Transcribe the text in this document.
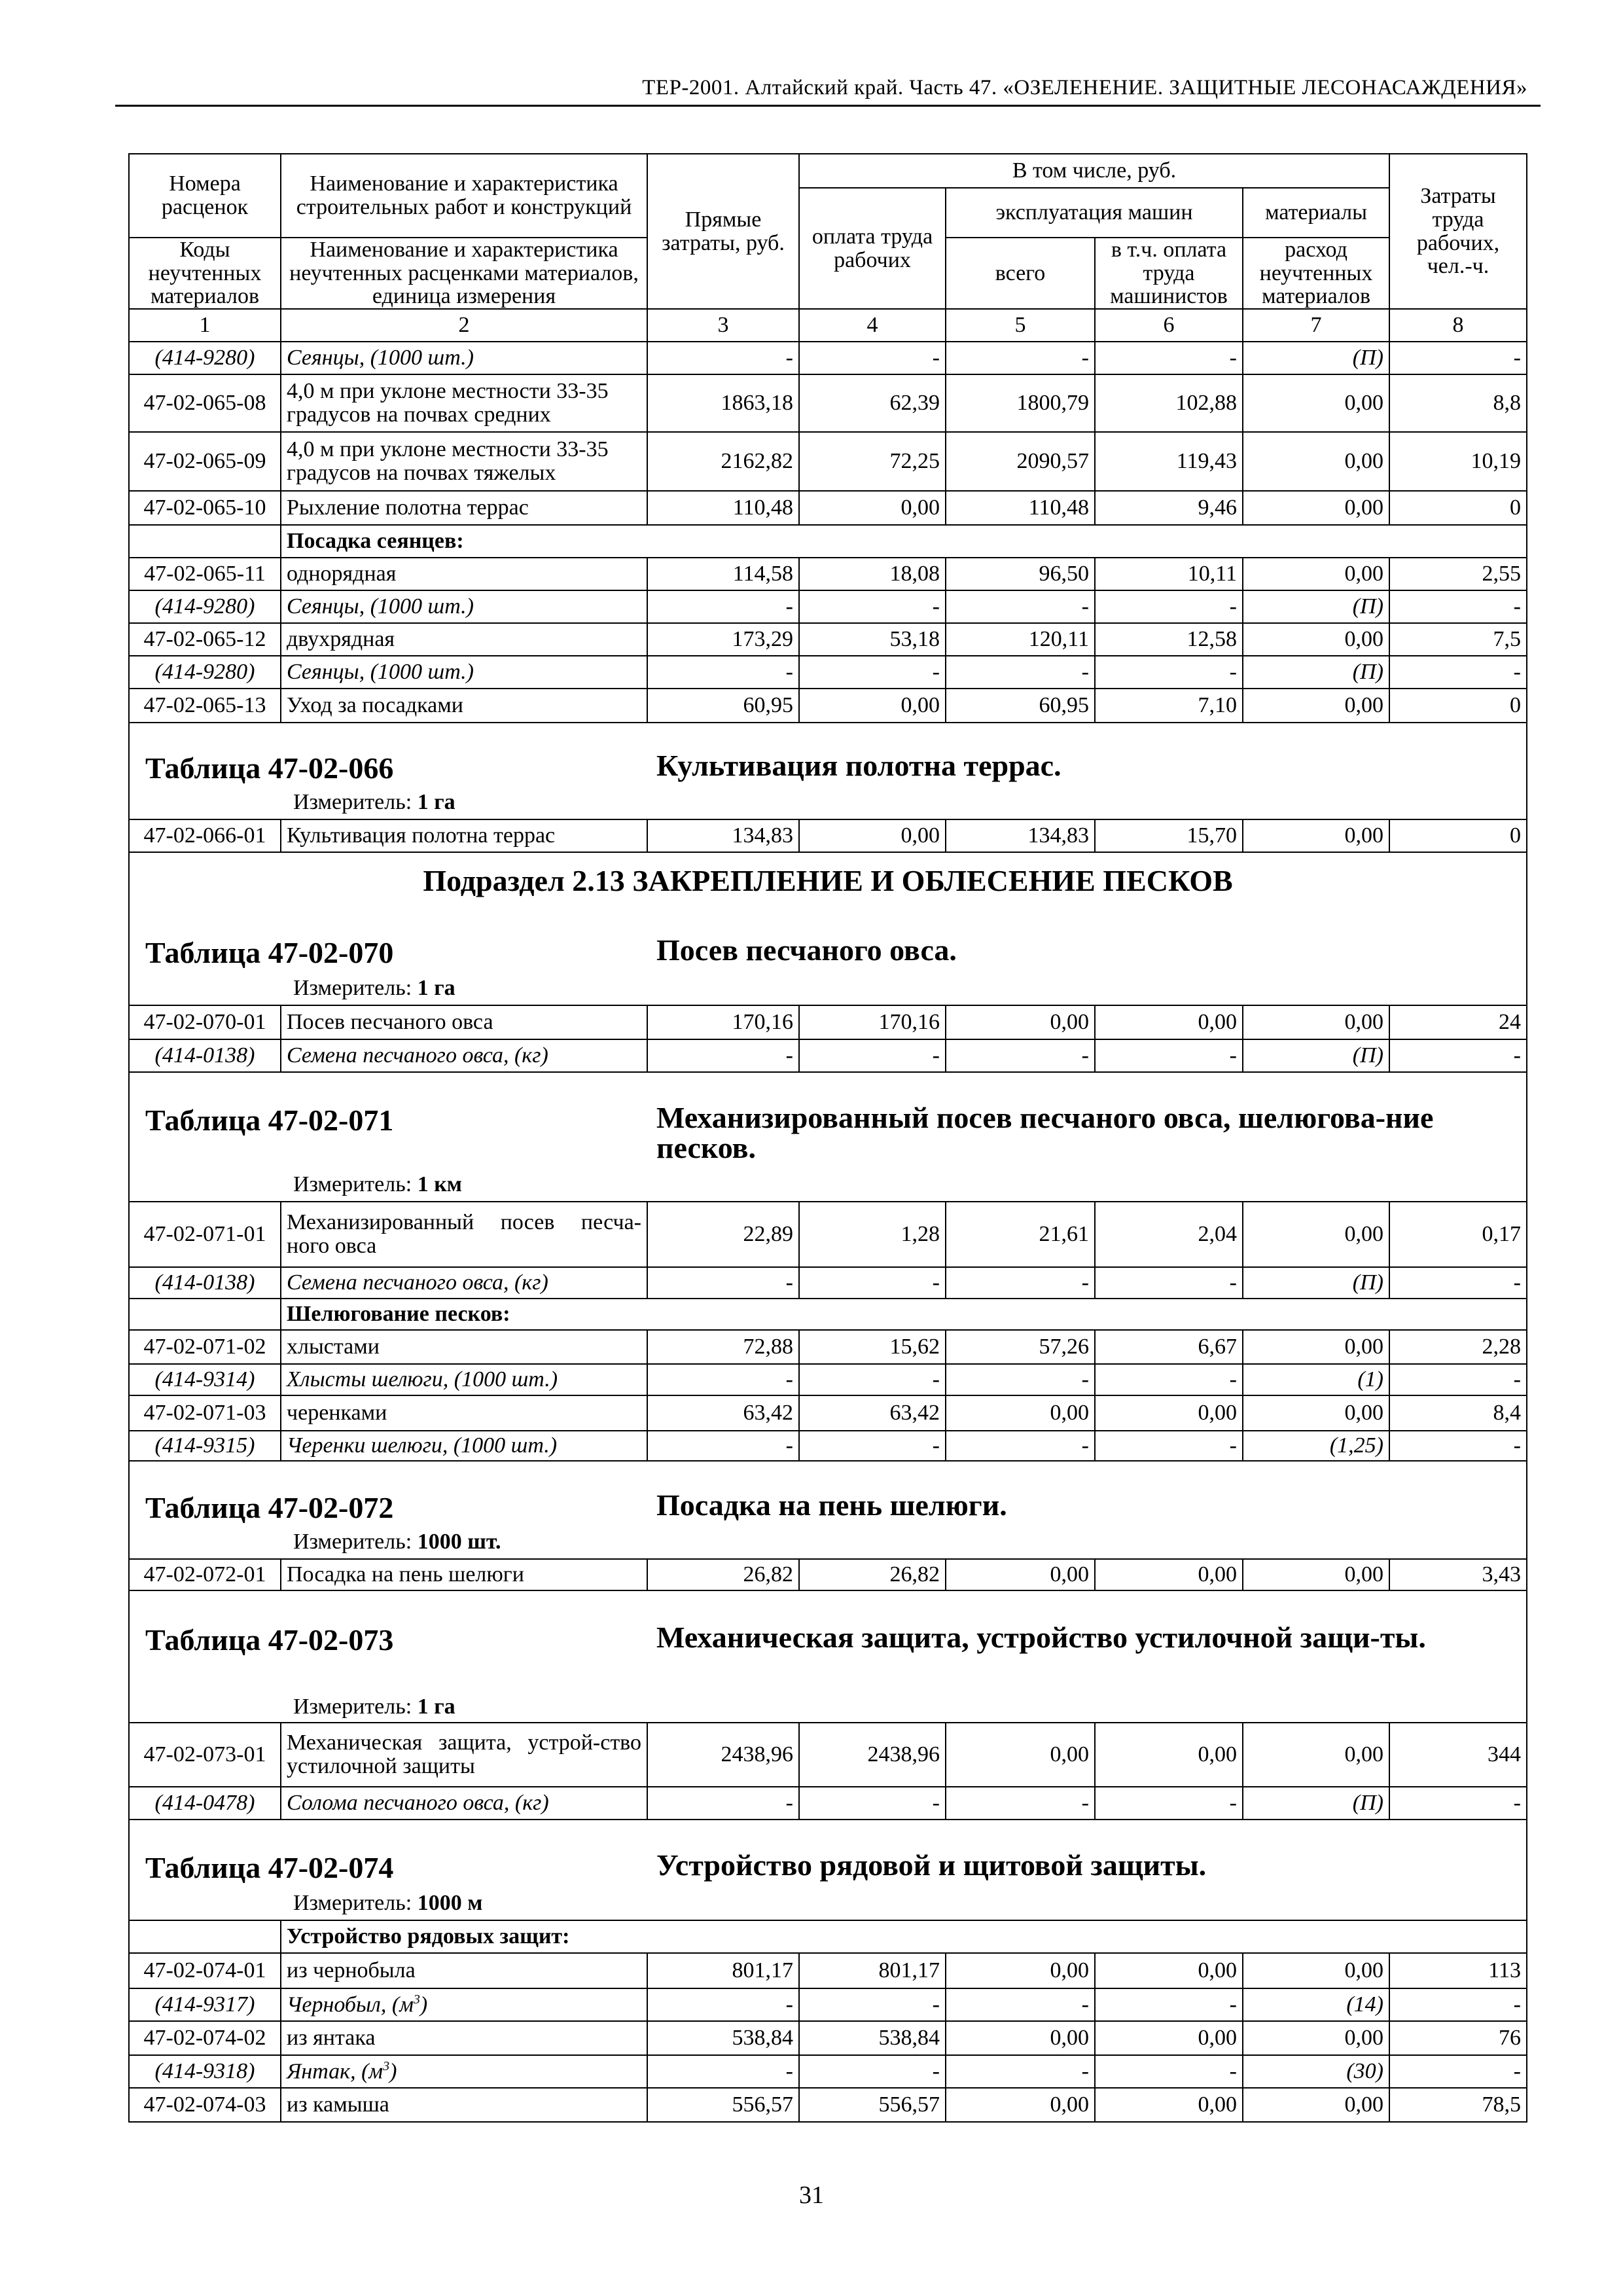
ТЕР-2001. Алтайский край. Часть 47. «ОЗЕЛЕНЕНИЕ. ЗАЩИТНЫЕ ЛЕСОНАСАЖДЕНИЯ»
Номера расценок	Наименование и характеристика строительных работ и конструкций	Прямые затраты, руб.	В том числе, руб.				Затраты труда рабочих, чел.-ч.
			оплата труда рабочих	эксплуатация машин		материалы	
Коды неучтенных материалов	Наименование и характеристика неучтенных расценками материалов, единица измерения			всего	в т.ч. оплата труда машинистов	расход неучтенных материалов	
1	2	3	4	5	6	7	8
(414-9280)	Сеянцы, (1000 шт.)	-	-	-	-	(П)	-
47-02-065-08	4,0 м при уклоне местности 33-35 градусов на почвах средних	1863,18	62,39	1800,79	102,88	0,00	8,8
47-02-065-09	4,0 м при уклоне местности 33-35 градусов на почвах тяжелых	2162,82	72,25	2090,57	119,43	0,00	10,19
47-02-065-10	Рыхление полотна террас	110,48	0,00	110,48	9,46	0,00	0
	Посадка сеянцев:						
47-02-065-11	однорядная	114,58	18,08	96,50	10,11	0,00	2,55
(414-9280)	Сеянцы, (1000 шт.)	-	-	-	-	(П)	-
47-02-065-12	двухрядная	173,29	53,18	120,11	12,58	0,00	7,5
(414-9280)	Сеянцы, (1000 шт.)	-	-	-	-	(П)	-
47-02-065-13	Уход за посадками	60,95	0,00	60,95	7,10	0,00	0

Таблица 47-02-066 Культивация полотна террас.
Измеритель: 1 га							

47-02-066-01	Культивация полотна террас	134,83	0,00	134,83	15,70	0,00	0

Подраздел 2.13 ЗАКРЕПЛЕНИЕ И ОБЛЕСЕНИЕ ПЕСКОВ
Таблица 47-02-070 Посев песчаного овса.
Измеритель: 1 га							

47-02-070-01	Посев песчаного овса	170,16	170,16	0,00	0,00	0,00	24
(414-0138)	Семена песчаного овса, (кг)	-	-	-	-	(П)	-

Таблица 47-02-071 Механизированный посев песчаного овса, шелюгова-ние песков.
Измеритель: 1 км							

47-02-071-01	Механизированный посев песча-ного овса	22,89	1,28	21,61	2,04	0,00	0,17
(414-0138)	Семена песчаного овса, (кг)	-	-	-	-	(П)	-
	Шелюгование песков:						
47-02-071-02	хлыстами	72,88	15,62	57,26	6,67	0,00	2,28
(414-9314)	Хлысты шелюги, (1000 шт.)	-	-	-	-	(1)	-
47-02-071-03	черенками	63,42	63,42	0,00	0,00	0,00	8,4
(414-9315)	Черенки шелюги, (1000 шт.)	-	-	-	-	(1,25)	-

Таблица 47-02-072 Посадка на пень шелюги.
Измеритель: 1000 шт.							

47-02-072-01	Посадка на пень шелюги	26,82	26,82	0,00	0,00	0,00	3,43

Таблица 47-02-073 Механическая защита, устройство устилочной защи-ты.
Измеритель: 1 га							

47-02-073-01	Механическая защита, устрой-ство устилочной защиты	2438,96	2438,96	0,00	0,00	0,00	344
(414-0478)	Солома песчаного овса, (кг)	-	-	-	-	(П)	-

Таблица 47-02-074 Устройство рядовой и щитовой защиты.
Измеритель: 1000 м							

	Устройство рядовых защит:						
47-02-074-01	из чернобыла	801,17	801,17	0,00	0,00	0,00	113
(414-9317)	Чернобыл, $(м^3)$	-	-	-	-	(14)	-
47-02-074-02	из янтака	538,84	538,84	0,00	0,00	0,00	76
(414-9318)	Янтак, $(м^3)$	-	-	-	-	(30)	-
47-02-074-03	из камыша	556,57	556,57	0,00	0,00	0,00	78,5
31
